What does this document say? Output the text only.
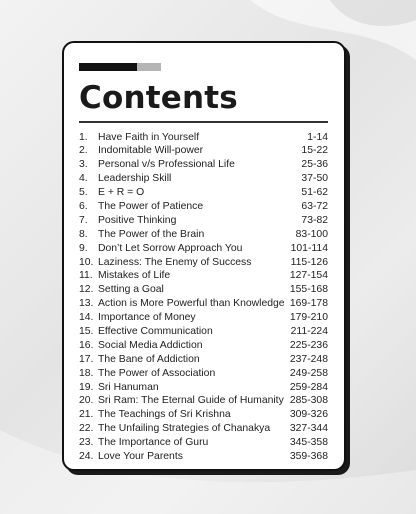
Contents
1. Have Faith in Yourself	1-14
2. Indomitable Will-power	15-22
3. Personal v/s Professional Life	25-36
4. Leadership Skill	37-50
5. E + R = O	51-62
6. The Power of Patience	63-72
7. Positive Thinking	73-82
8. The Power of the Brain	83-100
9. Don’t Let Sorrow Approach You	101-114
10. Laziness: The Enemy of Success	115-126
11. Mistakes of Life	127-154
12. Setting a Goal	155-168
13. Action is More Powerful than Knowledge 169-178
14. Importance of Money	179-210
15. Effective Communication	211-224
16. Social Media Addiction	225-236
17. The Bane of Addiction	237-248
18. The Power of Association	249-258
19. Sri Hanuman	259-284
20. Sri Ram: The Eternal Guide of Humanity 285-308
21. The Teachings of Sri Krishna	309-326
22. The Unfailing Strategies of Chanakya	327-344
23. The Importance of Guru	345-358
24. Love Your Parents	359-368
